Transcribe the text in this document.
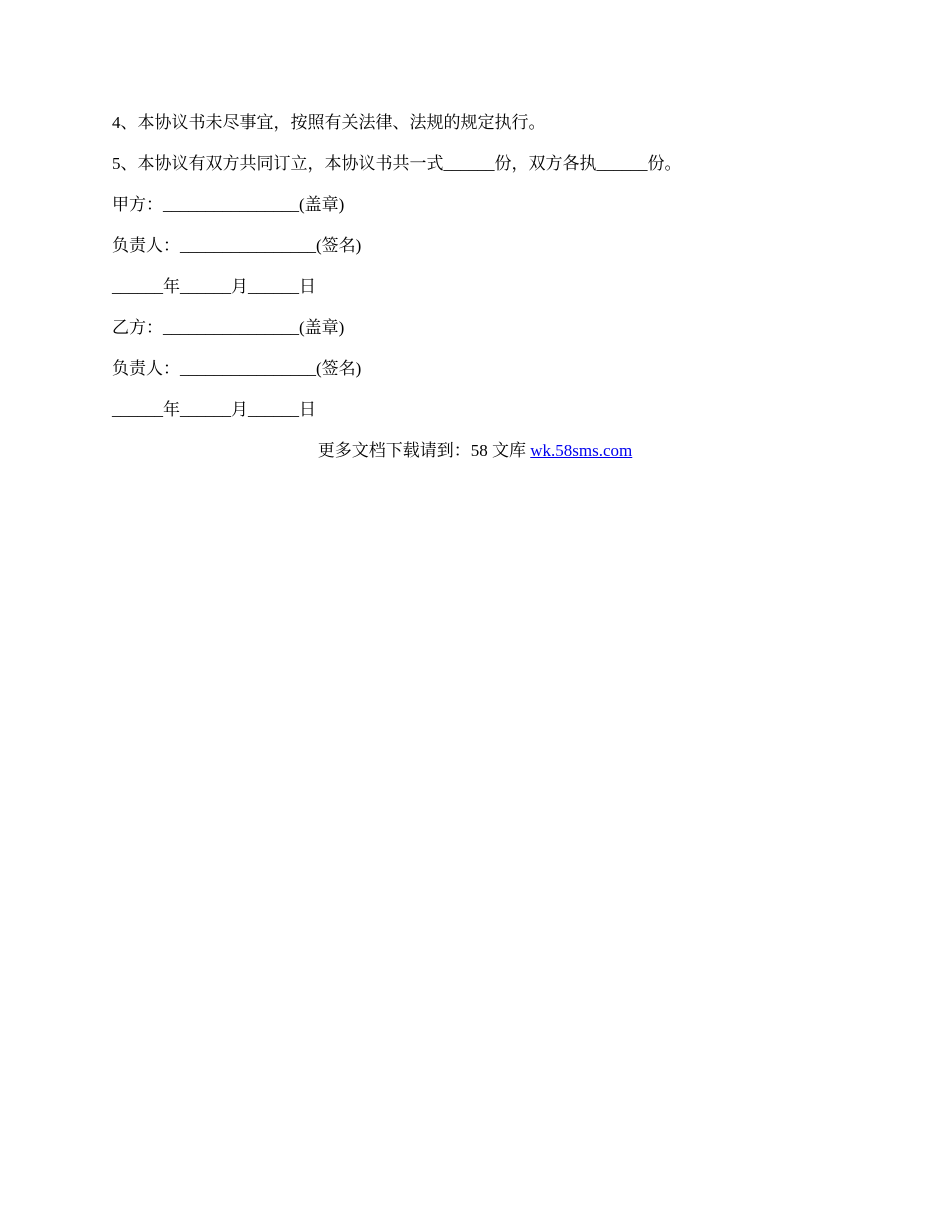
4、本协议书未尽事宜，按照有关法律、法规的规定执行。

5、本协议有双方共同订立，本协议书共一式______份，双方各执______份。

甲方：________________(盖章)

负责人：________________(签名)

______年______月______日

乙方：________________(盖章)

负责人：________________(签名)

______年______月______日

更多文档下载请到：58 文库 wk.58sms.com
